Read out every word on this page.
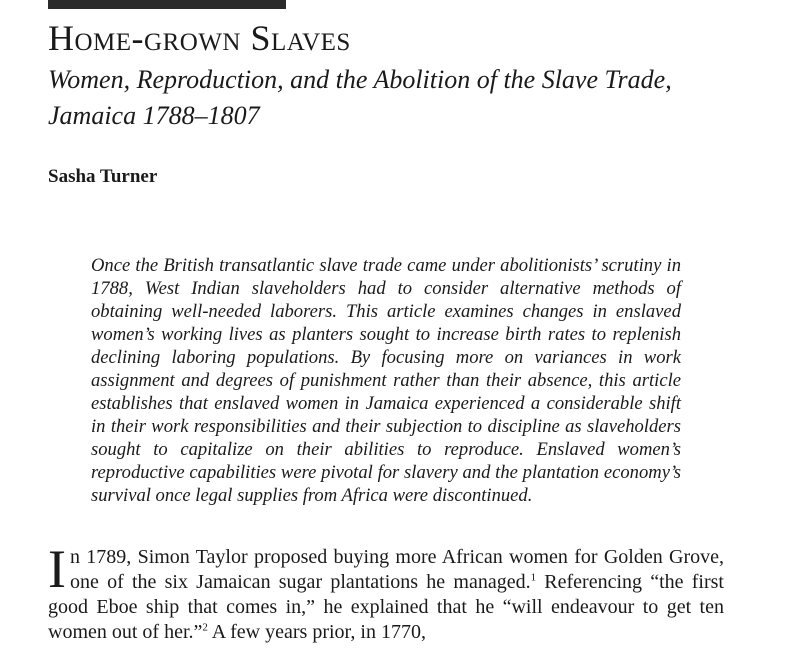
Home-grown Slaves
Women, Reproduction, and the Abolition of the Slave Trade, Jamaica 1788–1807
Sasha Turner

Once the British transatlantic slave trade came under abolitionists’ scrutiny in 1788, West Indian slaveholders had to consider alternative methods of obtaining well-needed laborers. This article examines changes in enslaved women’s working lives as planters sought to increase birth rates to replenish declining laboring populations. By focusing more on variances in work assignment and degrees of punishment rather than their absence, this article establishes that enslaved women in Jamaica experienced a considerable shift in their work responsibilities and their subjection to discipline as slaveholders sought to capitalize on their abilities to reproduce. Enslaved women’s reproductive capabilities were pivotal for slavery and the plantation economy’s survival once legal supplies from Africa were discontinued.

In 1789, Simon Taylor proposed buying more African women for Golden Grove, one of the six Jamaican sugar plantations he managed.$^1$ Referencing “the first good Eboe ship that comes in,” he explained that he “will endeavour to get ten women out of her.”$^2$ A few years prior, in 1770,
